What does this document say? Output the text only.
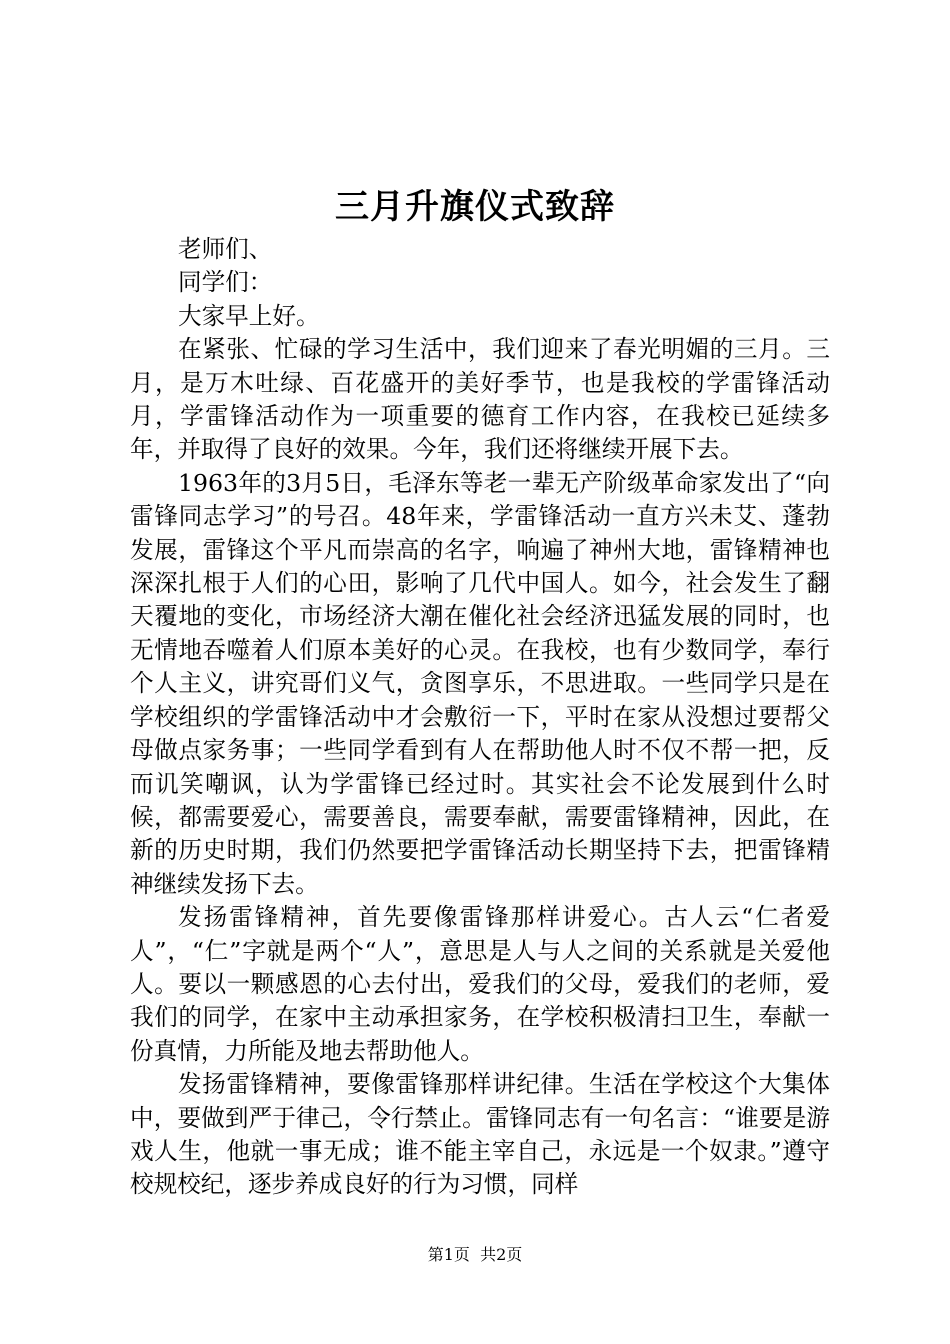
三月升旗仪式致辞

老师们、

同学们：

大家早上好。

在紧张、忙碌的学习生活中，我们迎来了春光明媚的三月。三月，是万木吐绿、百花盛开的美好季节，也是我校的学雷锋活动月，学雷锋活动作为一项重要的德育工作内容，在我校已延续多年，并取得了良好的效果。今年，我们还将继续开展下去。

1963年的3月5日，毛泽东等老一辈无产阶级革命家发出了“向雷锋同志学习”的号召。48年来，学雷锋活动一直方兴未艾、蓬勃发展，雷锋这个平凡而崇高的名字，响遍了神州大地，雷锋精神也深深扎根于人们的心田，影响了几代中国人。如今，社会发生了翻天覆地的变化，市场经济大潮在催化社会经济迅猛发展的同时，也无情地吞噬着人们原本美好的心灵。在我校，也有少数同学，奉行个人主义，讲究哥们义气，贪图享乐，不思进取。一些同学只是在学校组织的学雷锋活动中才会敷衍一下，平时在家从没想过要帮父母做点家务事；一些同学看到有人在帮助他人时不仅不帮一把，反而讥笑嘲讽，认为学雷锋已经过时。其实社会不论发展到什么时候，都需要爱心，需要善良，需要奉献，需要雷锋精神，因此，在新的历史时期，我们仍然要把学雷锋活动长期坚持下去，把雷锋精神继续发扬下去。

发扬雷锋精神，首先要像雷锋那样讲爱心。古人云“仁者爱人”，“仁”字就是两个“人”，意思是人与人之间的关系就是关爱他人。要以一颗感恩的心去付出，爱我们的父母，爱我们的老师，爱我们的同学，在家中主动承担家务，在学校积极清扫卫生，奉献一份真情，力所能及地去帮助他人。

发扬雷锋精神，要像雷锋那样讲纪律。生活在学校这个大集体中，要做到严于律己，令行禁止。雷锋同志有一句名言：“谁要是游戏人生，他就一事无成；谁不能主宰自己，永远是一个奴隶。”遵守校规校纪，逐步养成良好的行为习惯，同样

第1页 共2页
